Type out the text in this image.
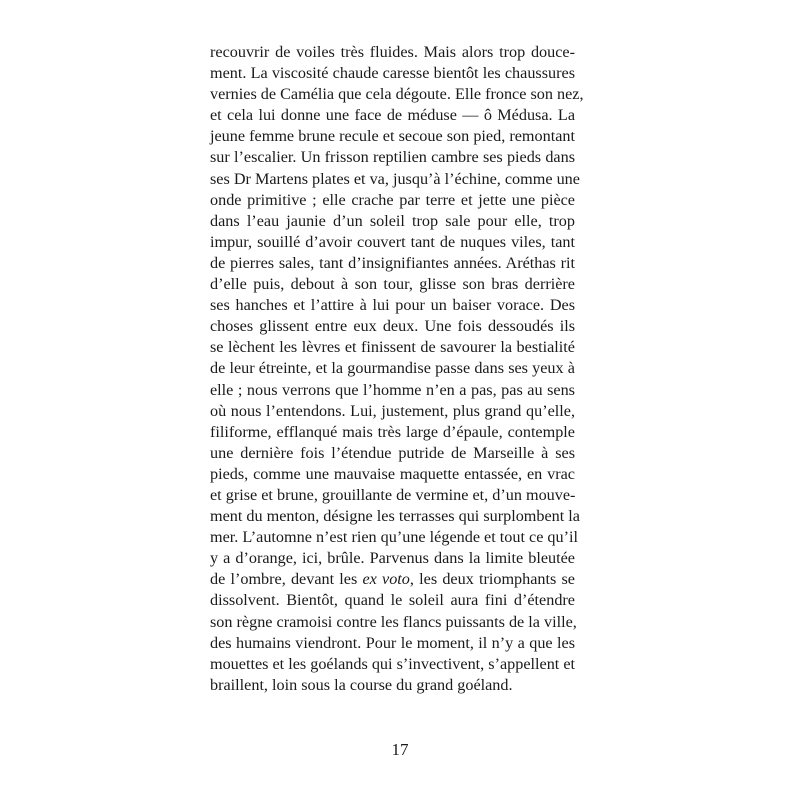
recouvrir de voiles très fluides. Mais alors trop douce-
ment. La viscosité chaude caresse bientôt les chaussures
vernies de Camélia que cela dégoute. Elle fronce son nez,
et cela lui donne une face de méduse — ô Médusa. La
jeune femme brune recule et secoue son pied, remontant
sur l’escalier. Un frisson reptilien cambre ses pieds dans
ses Dr Martens plates et va, jusqu’à l’échine, comme une
onde primitive ; elle crache par terre et jette une pièce
dans l’eau jaunie d’un soleil trop sale pour elle, trop
impur, souillé d’avoir couvert tant de nuques viles, tant
de pierres sales, tant d’insignifiantes années. Aréthas rit
d’elle puis, debout à son tour, glisse son bras derrière
ses hanches et l’attire à lui pour un baiser vorace. Des
choses glissent entre eux deux. Une fois dessoudés ils
se lèchent les lèvres et finissent de savourer la bestialité
de leur étreinte, et la gourmandise passe dans ses yeux à
elle ; nous verrons que l’homme n’en a pas, pas au sens
où nous l’entendons. Lui, justement, plus grand qu’elle,
filiforme, efflanqué mais très large d’épaule, contemple
une dernière fois l’étendue putride de Marseille à ses
pieds, comme une mauvaise maquette entassée, en vrac
et grise et brune, grouillante de vermine et, d’un mouve-
ment du menton, désigne les terrasses qui surplombent la
mer. L’automne n’est rien qu’une légende et tout ce qu’il
y a d’orange, ici, brûle. Parvenus dans la limite bleutée
de l’ombre, devant les ex voto, les deux triomphants se
dissolvent. Bientôt, quand le soleil aura fini d’étendre
son règne cramoisi contre les flancs puissants de la ville,
des humains viendront. Pour le moment, il n’y a que les
mouettes et les goélands qui s’invectivent, s’appellent et
braillent, loin sous la course du grand goéland.
17
